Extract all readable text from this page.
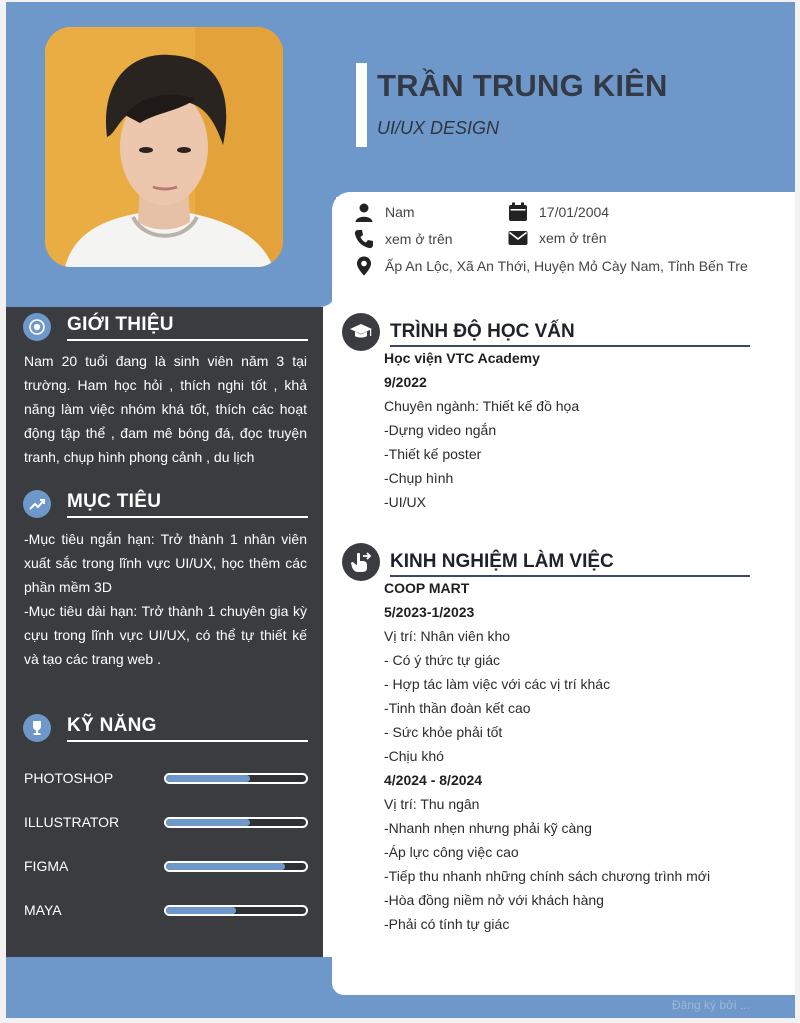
TRẦN TRUNG KIÊN
UI/UX DESIGN
Nam	17/01/2004
xem ở trên	xem ở trên
Ấp An Lộc, Xã An Thới, Huyện Mỏ Cày Nam, Tỉnh Bến Tre
GIỚI THIỆU
Nam 20 tuổi đang là sinh viên năm 3 tại trường. Ham học hỏi , thích nghi tốt , khả năng làm việc nhóm khá tốt, thích các hoạt động tập thể , đam mê bóng đá, đọc truyện tranh, chụp hình phong cảnh , du lịch
MỤC TIÊU
-Mục tiêu ngắn hạn: Trở thành 1 nhân viên xuất sắc trong lĩnh vực UI/UX, học thêm các phần mềm 3D
-Mục tiêu dài hạn: Trở thành 1 chuyên gia kỳ cựu trong lĩnh vực UI/UX, có thể tự thiết kế và tạo các trang web .
KỸ NĂNG
PHOTOSHOP
ILLUSTRATOR
FIGMA
MAYA
TRÌNH ĐỘ HỌC VẤN
Học viện VTC Academy
9/2022
Chuyên ngành: Thiết kế đồ họa
-Dựng video ngắn
-Thiết kế poster
-Chụp hình
-UI/UX
KINH NGHIỆM LÀM VIỆC
COOP MART
5/2023-1/2023
Vị trí: Nhân viên kho
- Có ý thức tự giác
- Hợp tác làm việc với các vị trí khác
-Tinh thần đoàn kết cao
- Sức khỏe phải tốt
-Chịu khó
4/2024 - 8/2024
Vị trí: Thu ngân
-Nhanh nhẹn nhưng phải kỹ càng
-Áp lực công việc cao
-Tiếp thu nhanh những chính sách chương trình mới
-Hòa đồng niềm nở với khách hàng
-Phải có tính tự giác
Đăng ký bởi ...
